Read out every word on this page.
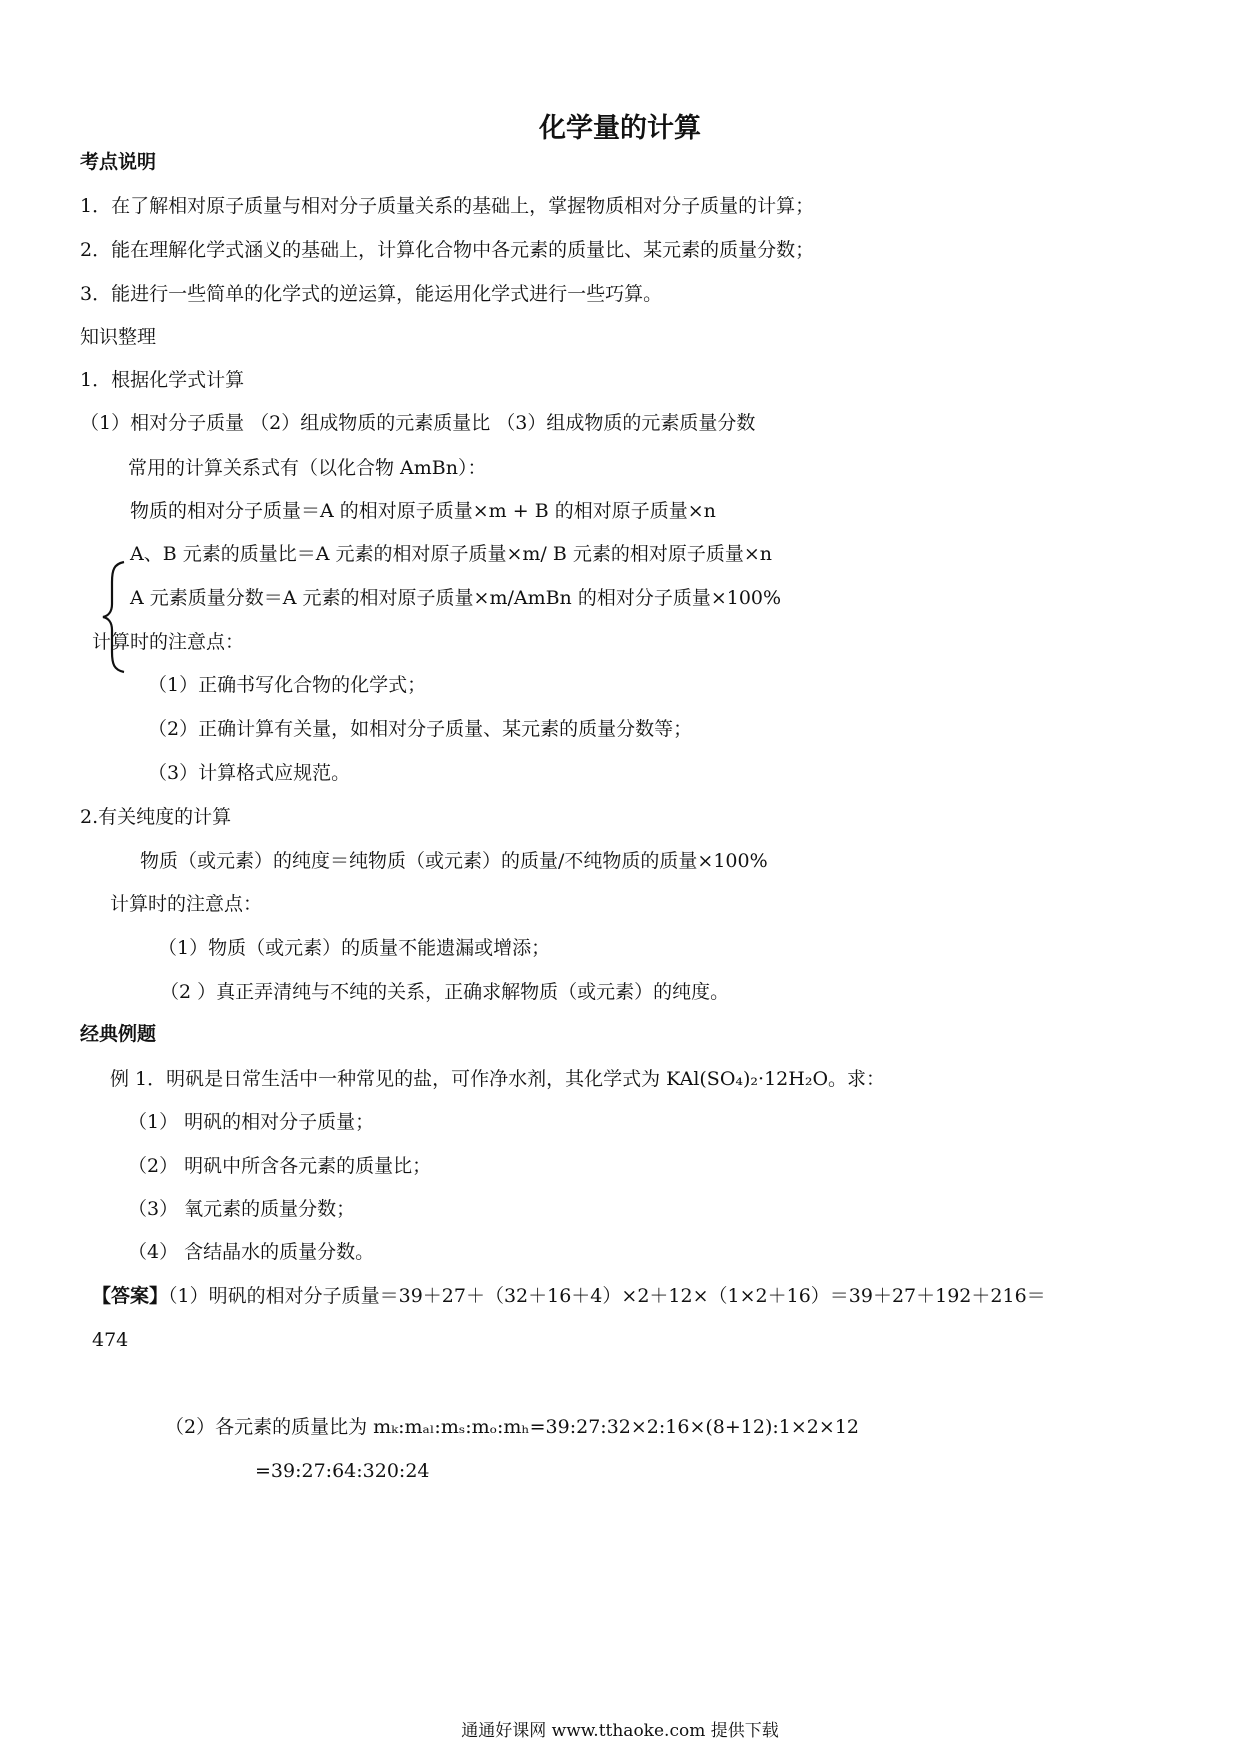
化学量的计算
考点说明
1．在了解相对原子质量与相对分子质量关系的基础上，掌握物质相对分子质量的计算；
2．能在理解化学式涵义的基础上，计算化合物中各元素的质量比、某元素的质量分数；
3．能进行一些简单的化学式的逆运算，能运用化学式进行一些巧算。
知识整理
1．根据化学式计算
（1）相对分子质量 （2）组成物质的元素质量比 （3）组成物质的元素质量分数
常用的计算关系式有（以化合物 AmBn）：
物质的相对分子质量＝A 的相对原子质量×m + B 的相对原子质量×n
A、B 元素的质量比＝A 元素的相对原子质量×m/ B 元素的相对原子质量×n
A 元素质量分数＝A 元素的相对原子质量×m/AmBn 的相对分子质量×100%
计算时的注意点：
（1）正确书写化合物的化学式；
（2）正确计算有关量，如相对分子质量、某元素的质量分数等；
（3）计算格式应规范。
2.有关纯度的计算
物质（或元素）的纯度＝纯物质（或元素）的质量/不纯物质的质量×100%
计算时的注意点：
（1）物质（或元素）的质量不能遗漏或增添；
（2 ）真正弄清纯与不纯的关系，正确求解物质（或元素）的纯度。
经典例题
例 1．明矾是日常生活中一种常见的盐，可作净水剂，其化学式为 KAl(SO₄)₂·12H₂O。求：
（1） 明矾的相对分子质量；
（2） 明矾中所含各元素的质量比；
（3） 氧元素的质量分数；
（4） 含结晶水的质量分数。
【答案】（1）明矾的相对分子质量＝39＋27＋（32＋16＋4）×2＋12×（1×2＋16）＝39＋27＋192＋216＝
474
（2）各元素的质量比为 mₖ:mₐₗ:mₛ:mₒ:mₕ=39:27:32×2:16×(8+12):1×2×12
=39:27:64:320:24
通通好课网 www.tthaoke.com 提供下载
